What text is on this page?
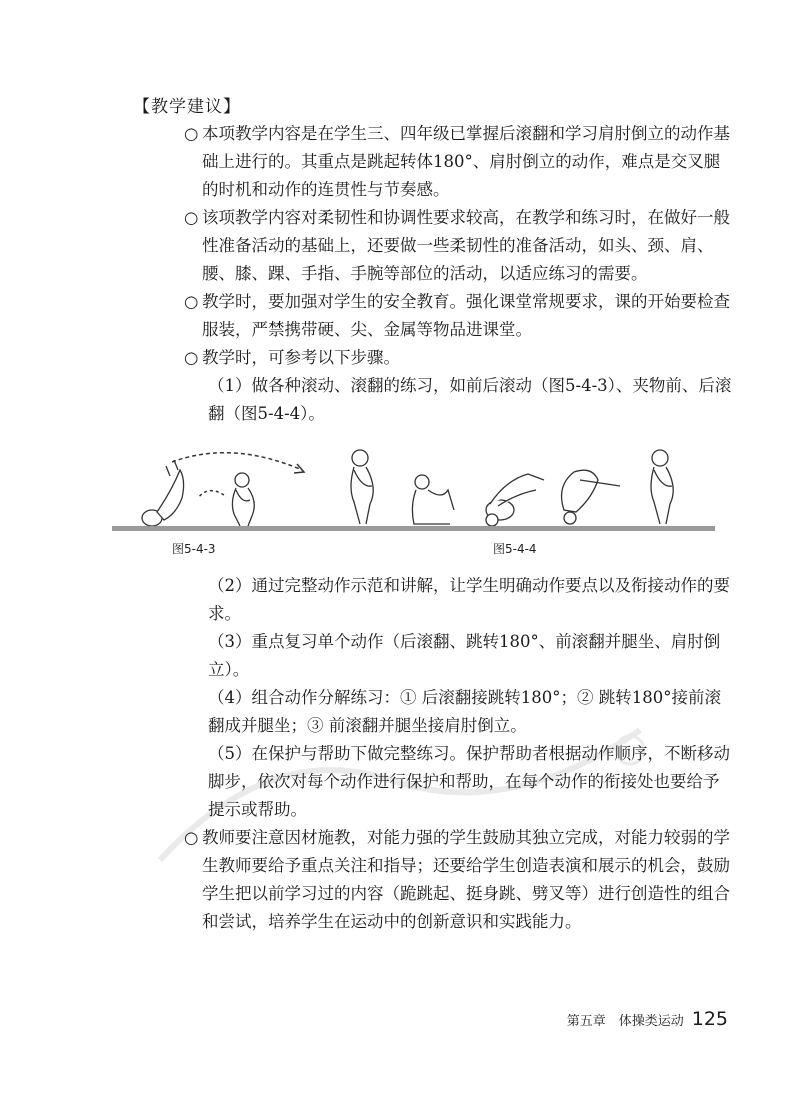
【教学建议】

○ 本项教学内容是在学生三、四年级已掌握后滚翻和学习肩肘倒立的动作基础上进行的。其重点是跳起转体180°、肩肘倒立的动作，难点是交叉腿的时机和动作的连贯性与节奏感。

○ 该项教学内容对柔韧性和协调性要求较高，在教学和练习时，在做好一般性准备活动的基础上，还要做一些柔韧性的准备活动，如头、颈、肩、腰、膝、踝、手指、手腕等部位的活动，以适应练习的需要。

○ 教学时，要加强对学生的安全教育。强化课堂常规要求，课的开始要检查服装，严禁携带硬、尖、金属等物品进课堂。

○ 教学时，可参考以下步骤。

（1）做各种滚动、滚翻的练习，如前后滚动（图5-4-3）、夹物前、后滚翻（图5-4-4）。

图5-4-3	图5-4-4

（2）通过完整动作示范和讲解，让学生明确动作要点以及衔接动作的要求。

（3）重点复习单个动作（后滚翻、跳转180°、前滚翻并腿坐、肩肘倒立）。

（4）组合动作分解练习：① 后滚翻接跳转180°；② 跳转180°接前滚翻成并腿坐；③ 前滚翻并腿坐接肩肘倒立。

（5）在保护与帮助下做完整练习。保护帮助者根据动作顺序，不断移动脚步，依次对每个动作进行保护和帮助，在每个动作的衔接处也要给予提示或帮助。

○ 教师要注意因材施教，对能力强的学生鼓励其独立完成，对能力较弱的学生教师要给予重点关注和指导；还要给学生创造表演和展示的机会，鼓励学生把以前学习过的内容（跪跳起、挺身跳、劈叉等）进行创造性的组合和尝试，培养学生在运动中的创新意识和实践能力。

第五章　体操类运动 125
